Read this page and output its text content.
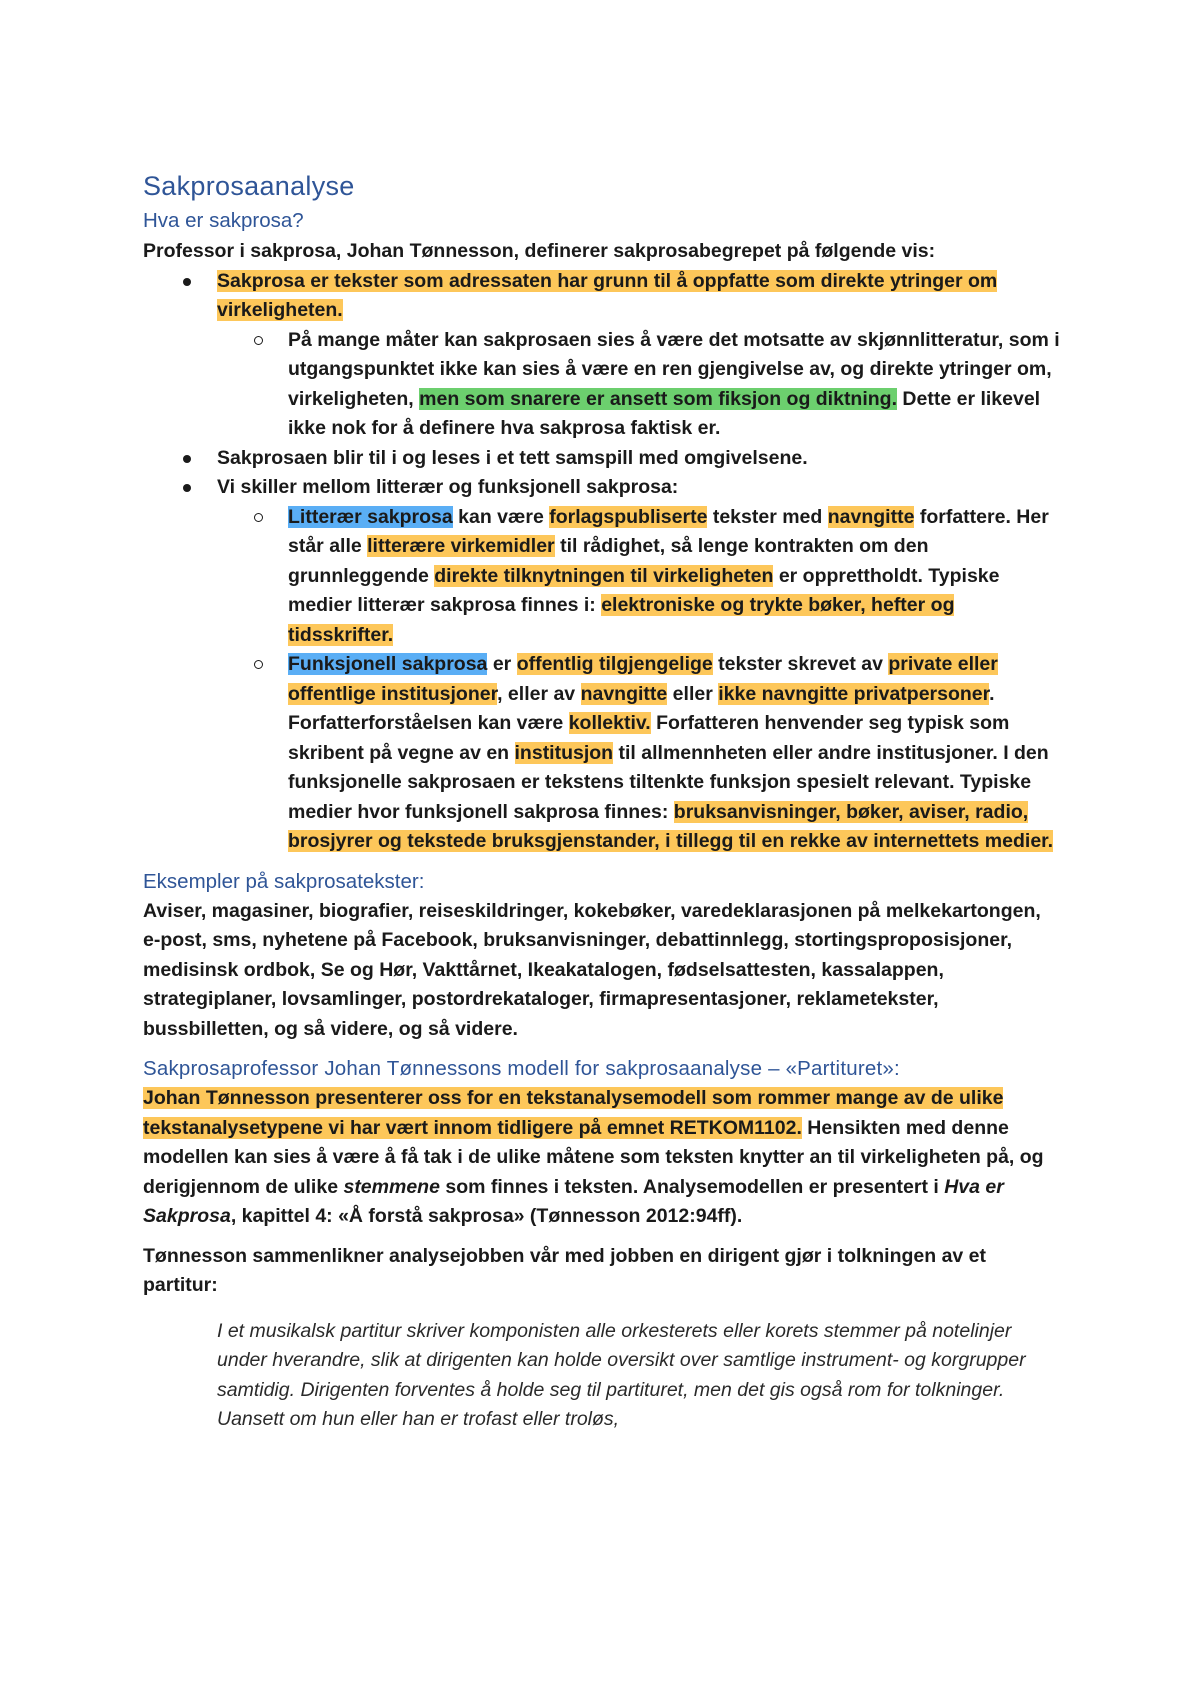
Sakprosaanalyse
Hva er sakprosa?

Professor i sakprosa, Johan Tønnesson, definerer sakprosabegrepet på følgende vis:

Sakprosa er tekster som adressaten har grunn til å oppfatte som direkte ytringer om virkeligheten.
På mange måter kan sakprosaen sies å være det motsatte av skjønnlitteratur, som i utgangspunktet ikke kan sies å være en ren gjengivelse av, og direkte ytringer om, virkeligheten, men som snarere er ansett som fiksjon og diktning. Dette er likevel ikke nok for å definere hva sakprosa faktisk er.
Sakprosaen blir til i og leses i et tett samspill med omgivelsene.
Vi skiller mellom litterær og funksjonell sakprosa:
Litterær sakprosa kan være forlagspubliserte tekster med navngitte forfattere. Her står alle litterære virkemidler til rådighet, så lenge kontrakten om den grunnleggende direkte tilknytningen til virkeligheten er opprettholdt. Typiske medier litterær sakprosa finnes i: elektroniske og trykte bøker, hefter og tidsskrifter.
Funksjonell sakprosa er offentlig tilgjengelige tekster skrevet av private eller offentlige institusjoner, eller av navngitte eller ikke navngitte privatpersoner. Forfatterforståelsen kan være kollektiv. Forfatteren henvender seg typisk som skribent på vegne av en institusjon til allmennheten eller andre institusjoner. I den funksjonelle sakprosaen er tekstens tiltenkte funksjon spesielt relevant. Typiske medier hvor funksjonell sakprosa finnes: bruksanvisninger, bøker, aviser, radio, brosjyrer og tekstede bruksgjenstander, i tillegg til en rekke av internettets medier.
Eksempler på sakprosatekster:

Aviser, magasiner, biografier, reiseskildringer, kokebøker, varedeklarasjonen på melkekartongen, e-post, sms, nyhetene på Facebook, bruksanvisninger, debattinnlegg, stortingsproposisjoner, medisinsk ordbok, Se og Hør, Vakttårnet, Ikeakatalogen, fødselsattesten, kassalappen, strategiplaner, lovsamlinger, postordrekataloger, firmapresentasjoner, reklametekster, bussbilletten, og så videre, og så videre.

Sakprosaprofessor Johan Tønnessons modell for sakprosaanalyse – «Partituret»:

Johan Tønnesson presenterer oss for en tekstanalysemodell som rommer mange av de ulike tekstanalysetypene vi har vært innom tidligere på emnet RETKOM1102. Hensikten med denne modellen kan sies å være å få tak i de ulike måtene som teksten knytter an til virkeligheten på, og derigjennom de ulike stemmene som finnes i teksten. Analysemodellen er presentert i Hva er Sakprosa, kapittel 4: «Å forstå sakprosa» (Tønnesson 2012:94ff).

Tønnesson sammenlikner analysejobben vår med jobben en dirigent gjør i tolkningen av et partitur:

I et musikalsk partitur skriver komponisten alle orkesterets eller korets stemmer på notelinjer under hverandre, slik at dirigenten kan holde oversikt over samtlige instrument- og korgrupper samtidig. Dirigenten forventes å holde seg til partituret, men det gis også rom for tolkninger. Uansett om hun eller han er trofast eller troløs,
